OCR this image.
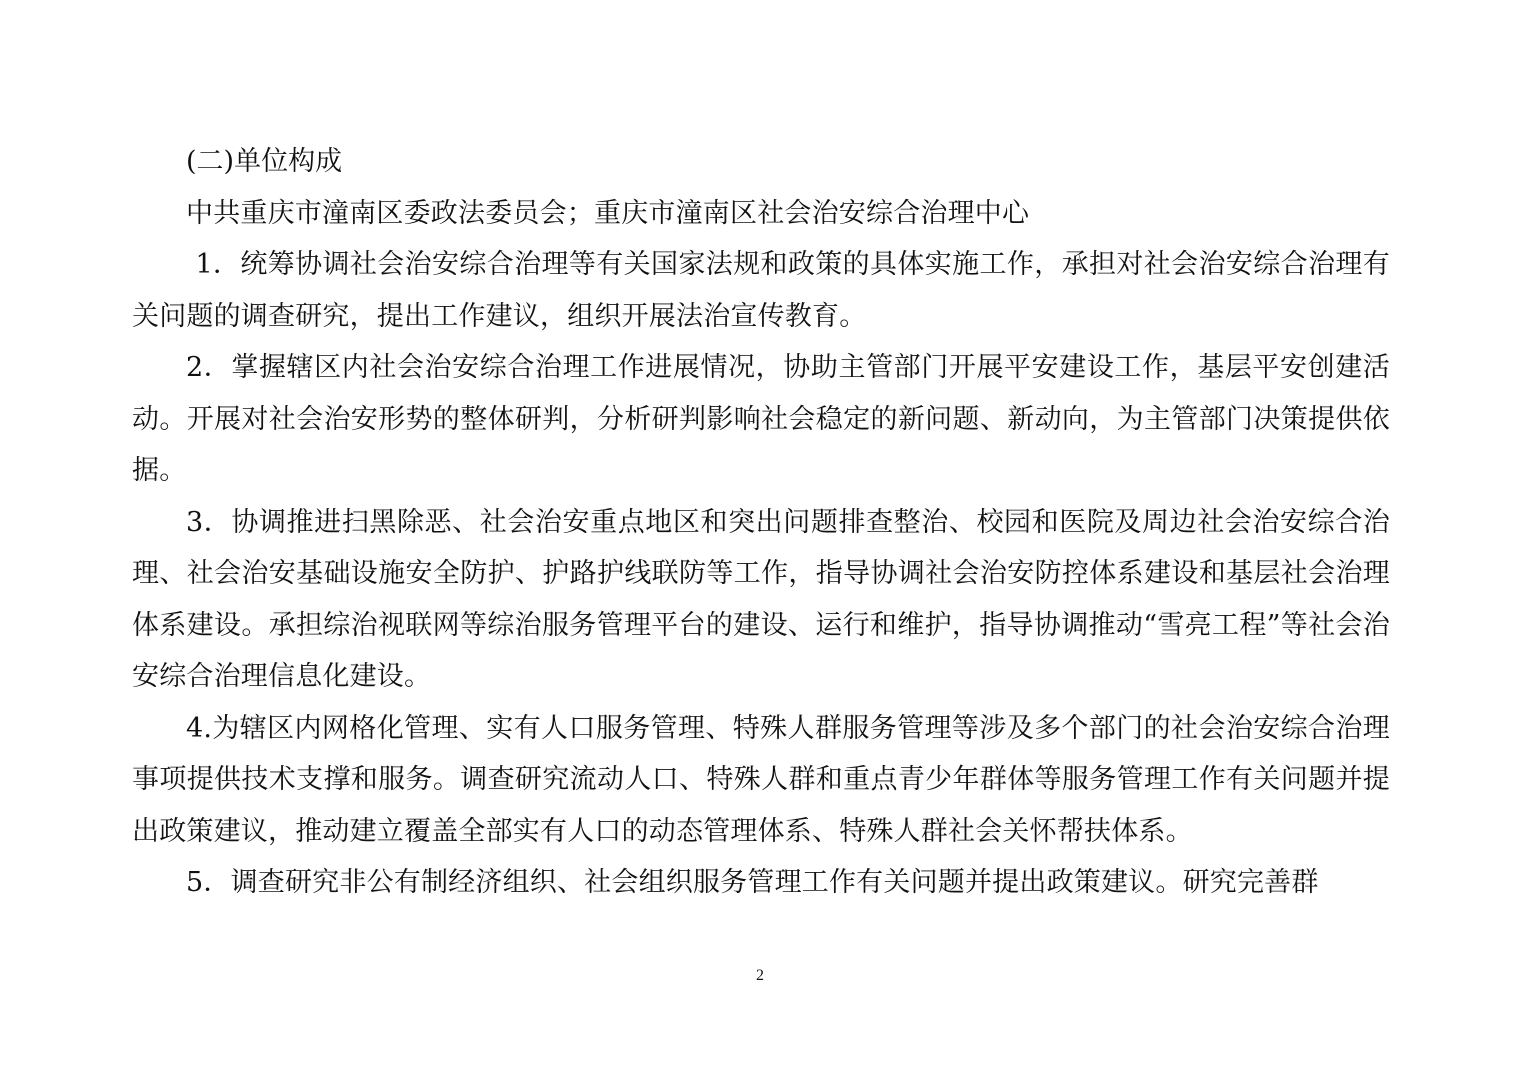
(二)单位构成

中共重庆市潼南区委政法委员会；重庆市潼南区社会治安综合治理中心

1．统筹协调社会治安综合治理等有关国家法规和政策的具体实施工作，承担对社会治安综合治理有关问题的调查研究，提出工作建议，组织开展法治宣传教育。

2．掌握辖区内社会治安综合治理工作进展情况，协助主管部门开展平安建设工作，基层平安创建活动。开展对社会治安形势的整体研判，分析研判影响社会稳定的新问题、新动向，为主管部门决策提供依据。

3．协调推进扫黑除恶、社会治安重点地区和突出问题排查整治、校园和医院及周边社会治安综合治理、社会治安基础设施安全防护、护路护线联防等工作，指导协调社会治安防控体系建设和基层社会治理体系建设。承担综治视联网等综治服务管理平台的建设、运行和维护，指导协调推动“雪亮工程”等社会治安综合治理信息化建设。

4.为辖区内网格化管理、实有人口服务管理、特殊人群服务管理等涉及多个部门的社会治安综合治理事项提供技术支撑和服务。调查研究流动人口、特殊人群和重点青少年群体等服务管理工作有关问题并提出政策建议，推动建立覆盖全部实有人口的动态管理体系、特殊人群社会关怀帮扶体系。

5．调查研究非公有制经济组织、社会组织服务管理工作有关问题并提出政策建议。研究完善群

2
